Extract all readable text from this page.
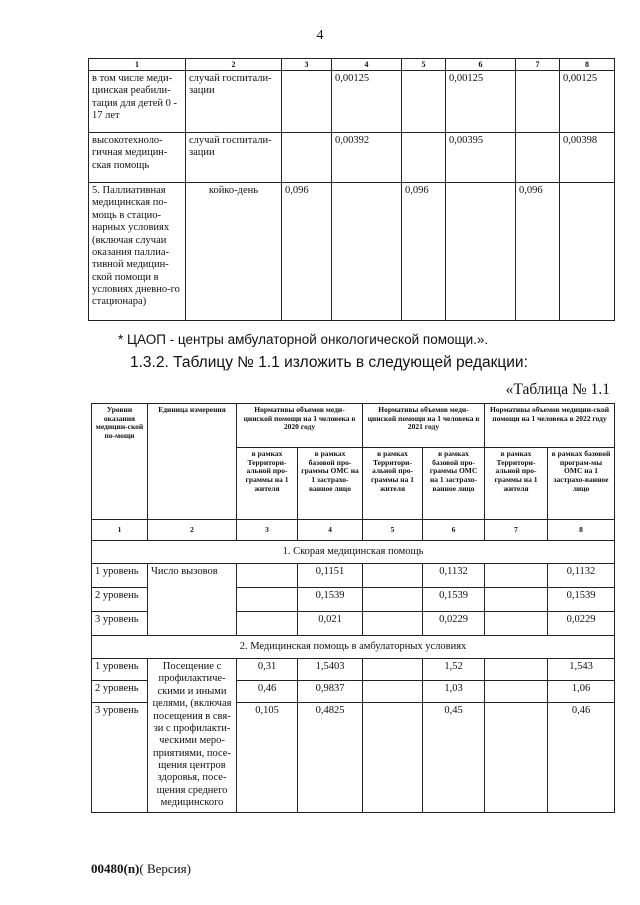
4
1	2	3	4	5	6	7	8
в том числе меди-цинская реабили-тация для детей 0 - 17 лет	случай госпитали-зации		0,00125		0,00125		0,00125
высокотехноло-гичная медицин-ская помощь	случай госпитали-зации		0,00392		0,00395		0,00398
5. Паллиативная медицинская по-мощь в стацио-нарных условиях (включая случаи оказания паллиа-тивной медицин-ской помощи в условиях дневно-го стационара)	койко-день	0,096		0,096		0,096	
* ЦАОП - центры амбулаторной онкологической помощи.».
1.3.2. Таблицу № 1.1 изложить в следующей редакции:
«Таблица № 1.1
Уровни оказания медицин-ской по-мощи	Единица измерения	Нормативы объемов меди-цинской помощи на 1 человека в 2020 году		Нормативы объемов меди-цинской помощи на 1 человека в 2021 году		Нормативы объемов медицин-ской помощи на 1 человека в 2022 году	
		в рамках Территори-альной про-граммы на 1 жителя	в рамках базовой про-граммы ОМС на 1 застрахо-ванное лицо	в рамках Территори-альной про-граммы на 1 жителя	в рамках базовой про-граммы ОМС на 1 застрахо-ванное лицо	в рамках Территори-альной про-граммы на 1 жителя	в рамках базовой програм-мы ОМС на 1 застрахо-ванное лицо
1	2	3	4	5	6	7	8
1. Скорая медицинская помощь							
1 уровень	Число вызовов		0,1151		0,1132		0,1132
2 уровень			0,1539		0,1539		0,1539
3 уровень			0,021		0,0229		0,0229
2. Медицинская помощь в амбулаторных условиях							
1 уровень	Посещение с профилактиче-скими и иными целями, (включая посещения в свя-зи с профилакти-ческими меро-приятиями, посе-щения центров здоровья, посе-щения среднего медицинского	0,31	1,5403		1,52		1,543
2 уровень		0,46	0,9837		1,03		1,06
3 уровень		0,105	0,4825		0,45		0,46
00480(n)( Версия)
